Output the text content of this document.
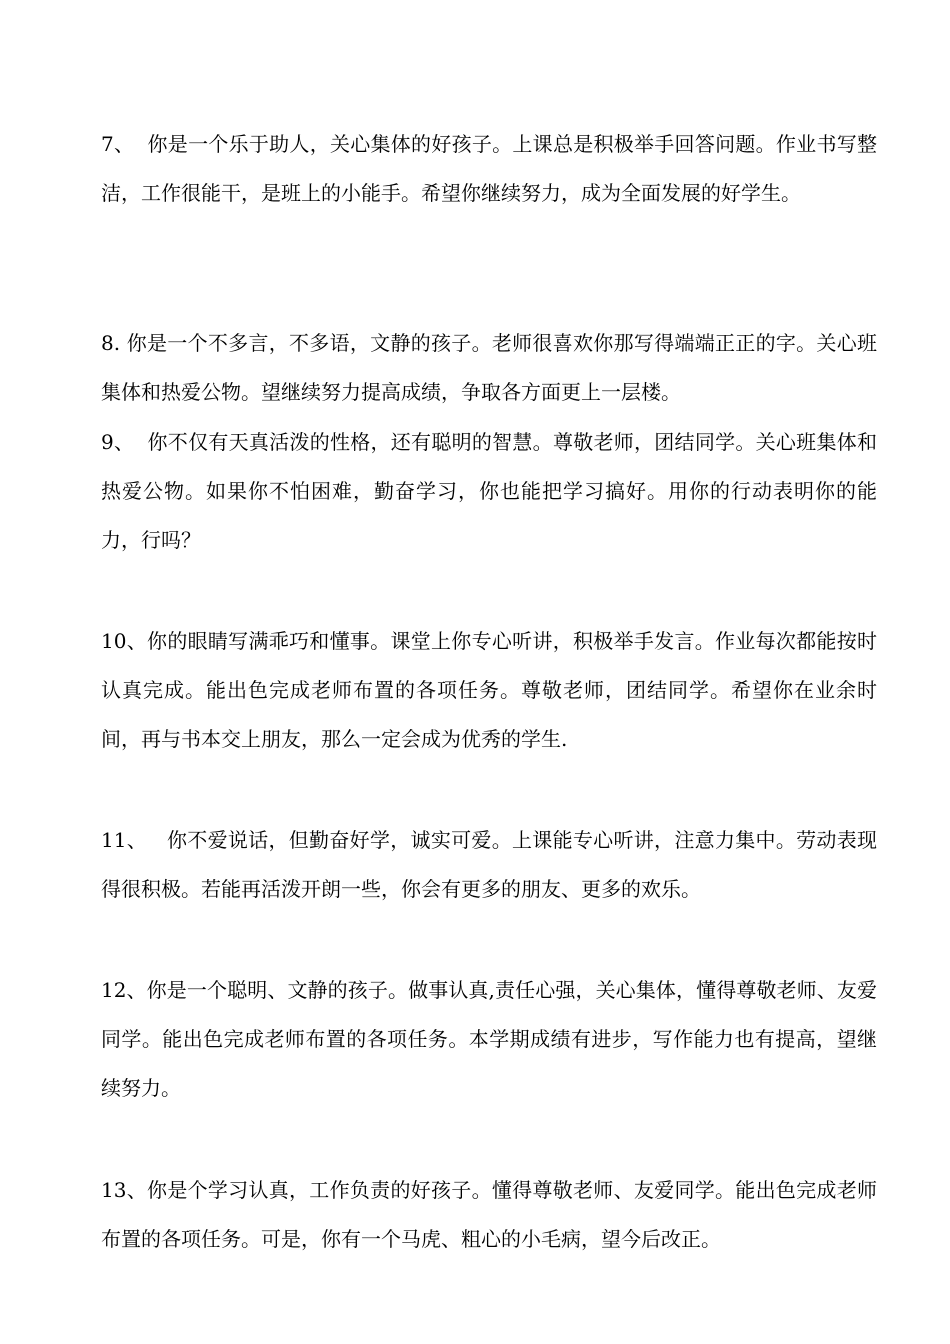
7、  你是一个乐于助人，关心集体的好孩子。上课总是积极举手回答问题。作业书写整洁，工作很能干，是班上的小能手。希望你继续努力，成为全面发展的好学生。

8. 你是一个不多言，不多语，文静的孩子。老师很喜欢你那写得端端正正的字。关心班集体和热爱公物。望继续努力提高成绩，争取各方面更上一层楼。

9、  你不仅有天真活泼的性格，还有聪明的智慧。尊敬老师，团结同学。关心班集体和热爱公物。如果你不怕困难，勤奋学习，你也能把学习搞好。用你的行动表明你的能力，行吗？

10、你的眼睛写满乖巧和懂事。课堂上你专心听讲，积极举手发言。作业每次都能按时认真完成。能出色完成老师布置的各项任务。尊敬老师，团结同学。希望你在业余时间，再与书本交上朋友，那么一定会成为优秀的学生.

11、   你不爱说话，但勤奋好学，诚实可爱。上课能专心听讲，注意力集中。劳动表现得很积极。若能再活泼开朗一些，你会有更多的朋友、更多的欢乐。

12、你是一个聪明、文静的孩子。做事认真,责任心强，关心集体，懂得尊敬老师、友爱同学。能出色完成老师布置的各项任务。本学期成绩有进步，写作能力也有提高，望继续努力。

13、你是个学习认真，工作负责的好孩子。懂得尊敬老师、友爱同学。能出色完成老师布置的各项任务。可是，你有一个马虎、粗心的小毛病，望今后改正。
